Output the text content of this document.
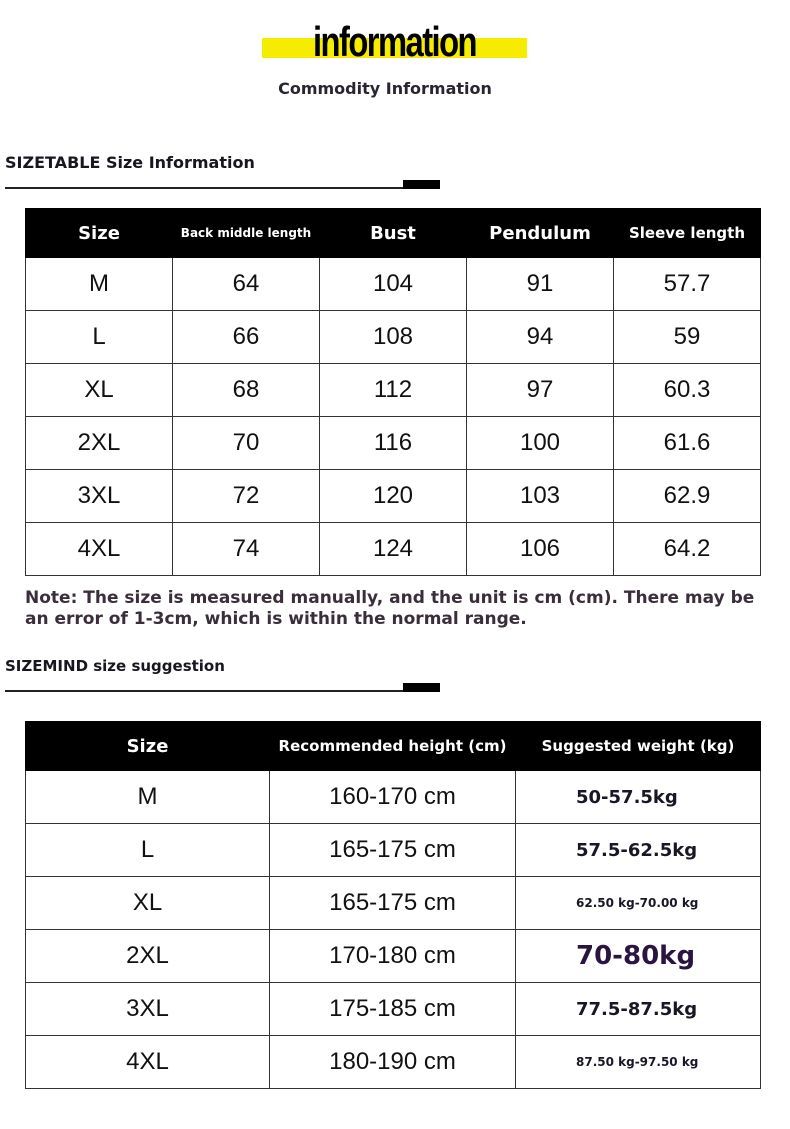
information
Commodity Information
SIZETABLE Size Information
Size	Back middle length	Bust	Pendulum	Sleeve length
M	64	104	91	57.7
L	66	108	94	59
XL	68	112	97	60.3
2XL	70	116	100	61.6
3XL	72	120	103	62.9
4XL	74	124	106	64.2
Note: The size is measured manually, and the unit is cm (cm). There may be an error of 1-3cm, which is within the normal range.
SIZEMIND size suggestion
Size	Recommended height (cm)	Suggested weight (kg)
M	160-170 cm	50-57.5kg
L	165-175 cm	57.5-62.5kg
XL	165-175 cm	62.50 kg-70.00 kg
2XL	170-180 cm	70-80kg
3XL	175-185 cm	77.5-87.5kg
4XL	180-190 cm	87.50 kg-97.50 kg
